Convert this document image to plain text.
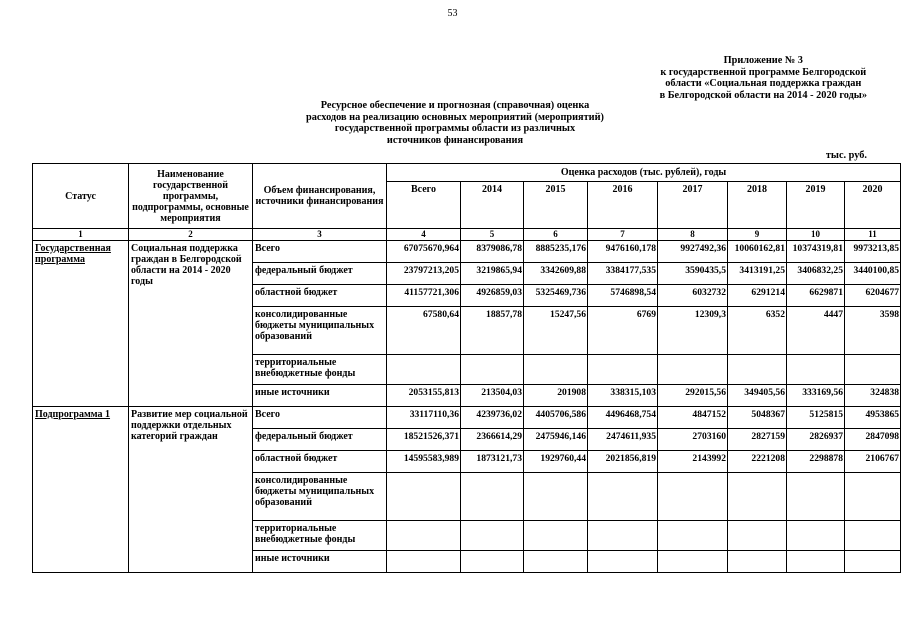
53
Приложение № 3
к государственной программе Белгородской
области «Социальная поддержка граждан
в Белгородской области на 2014 - 2020 годы»
Ресурсное обеспечение и прогнозная (справочная) оценка
расходов на реализацию основных мероприятий (мероприятий)
государственной программы области из различных
источников финансирования
тыс. руб.
Статус	Наименование государственной программы, подпрограммы, основные мероприятия	Объем финансирования, источники финансирования	Оценка расходов (тыс. рублей), годы							
			Всего	2014	2015	2016	2017	2018	2019	2020
1	2	3	4	5	6	7	8	9	10	11
Государственная программа	Социальная поддержка граждан в Белгородской области на 2014 - 2020 годы	Всего	67075670,964	8379086,78	8885235,176	9476160,178	9927492,36	10060162,81	10374319,81	9973213,85
		федеральный бюджет	23797213,205	3219865,94	3342609,88	3384177,535	3590435,5	3413191,25	3406832,25	3440100,85
		областной бюджет	41157721,306	4926859,03	5325469,736	5746898,54	6032732	6291214	6629871	6204677
		консолидированные бюджеты муниципальных образований	67580,64	18857,78	15247,56	6769	12309,3	6352	4447	3598
		территориальные внебюджетные фонды								
		иные источники	2053155,813	213504,03	201908	338315,103	292015,56	349405,56	333169,56	324838
Подпрограмма 1	Развитие мер социальной поддержки отдельных категорий граждан	Всего	33117110,36	4239736,02	4405706,586	4496468,754	4847152	5048367	5125815	4953865
		федеральный бюджет	18521526,371	2366614,29	2475946,146	2474611,935	2703160	2827159	2826937	2847098
		областной бюджет	14595583,989	1873121,73	1929760,44	2021856,819	2143992	2221208	2298878	2106767
		консолидированные бюджеты муниципальных образований								
		территориальные внебюджетные фонды								
		иные источники								
